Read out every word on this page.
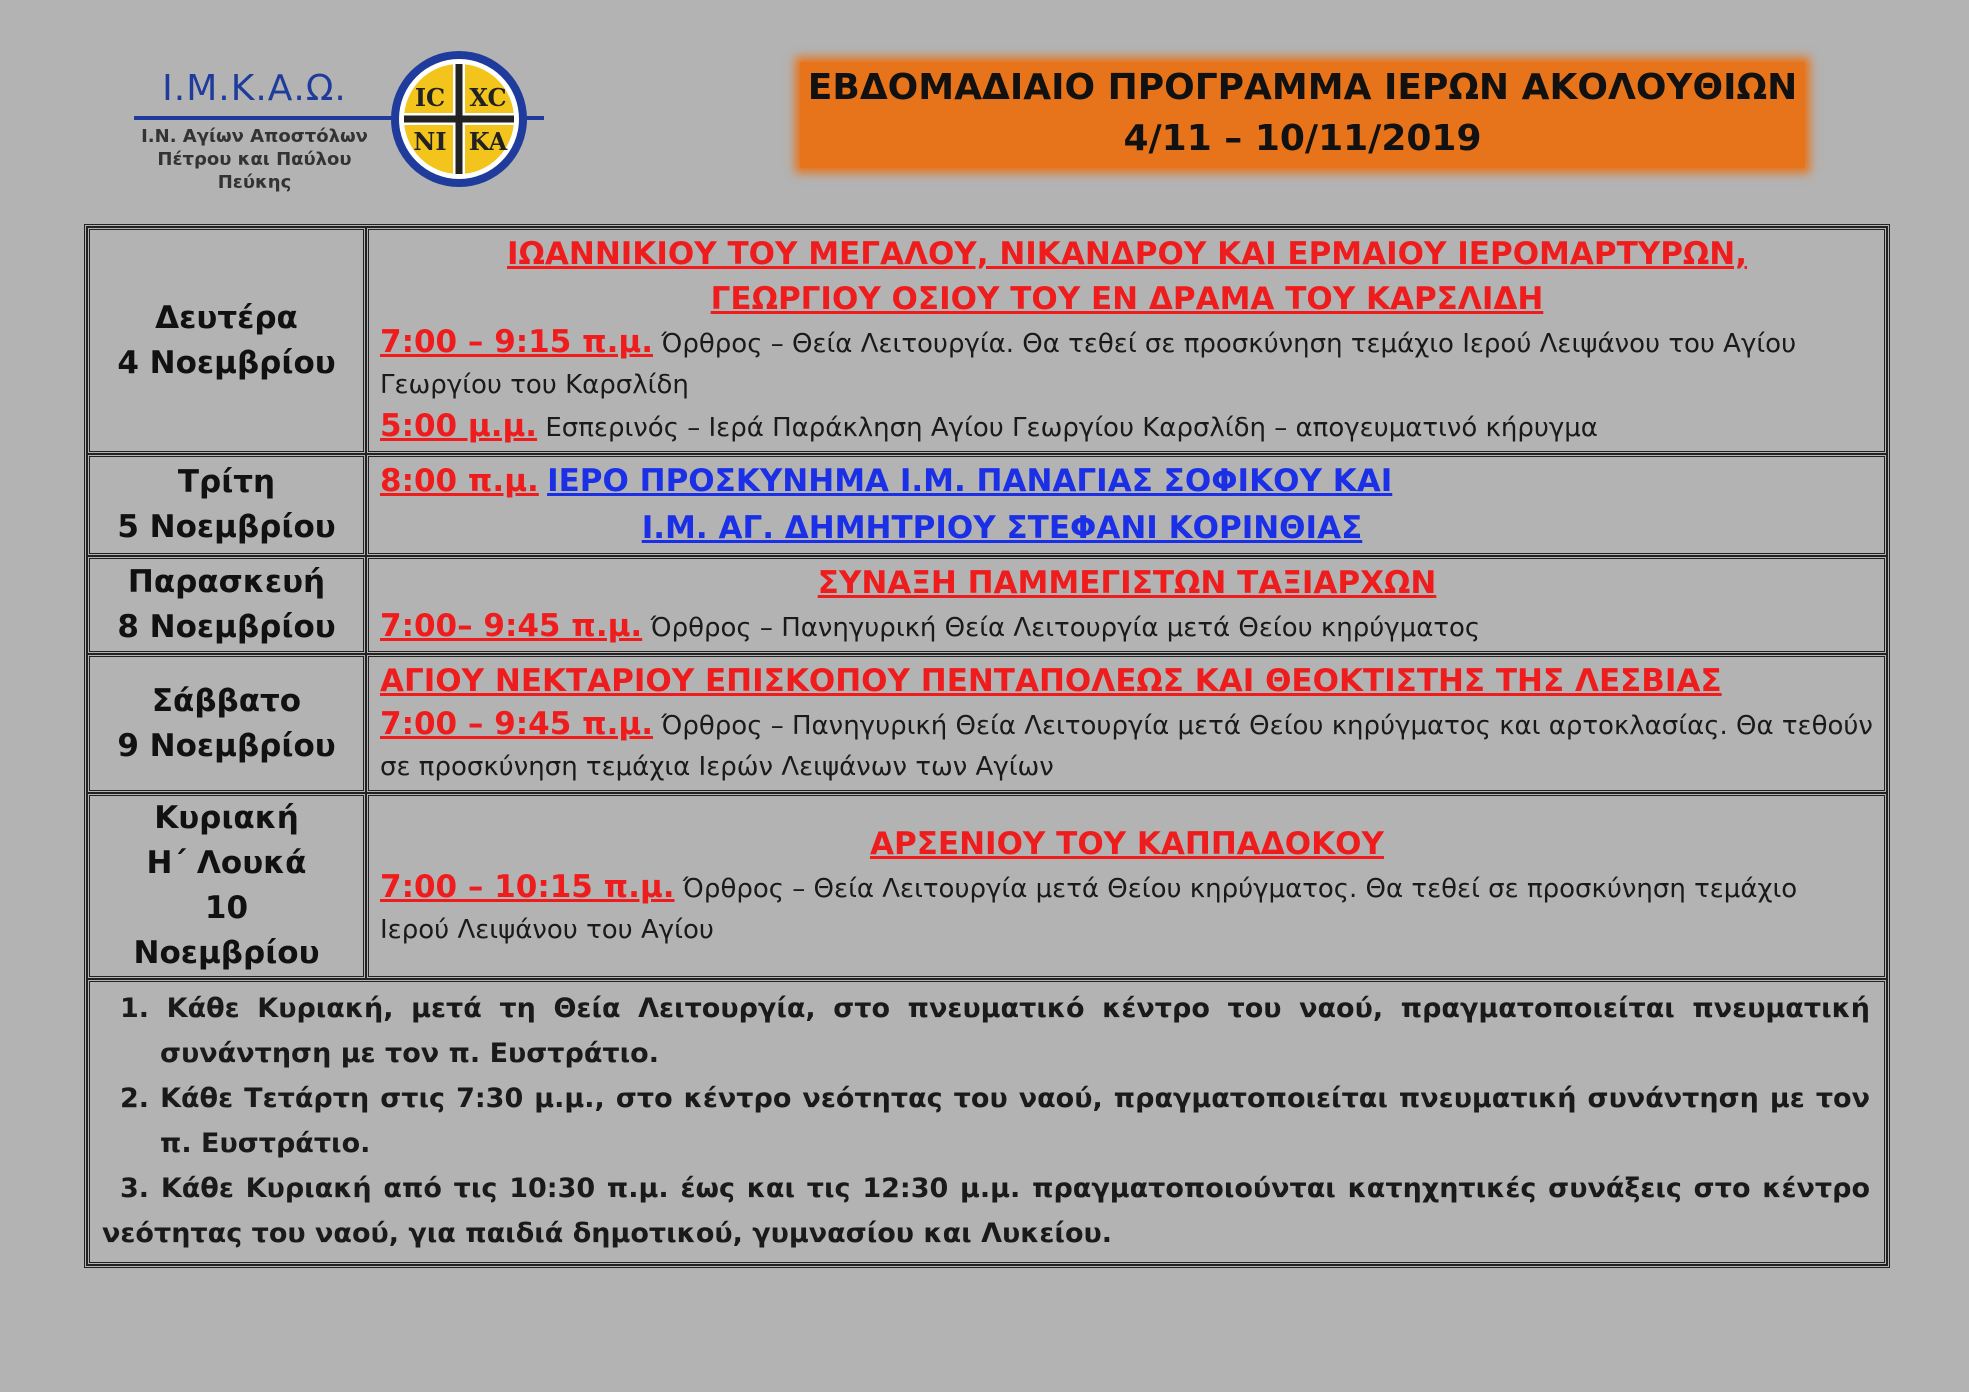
Ι.Μ.Κ.Α.Ω.
Ι.Ν. Αγίων Αποστόλων
Πέτρου και Παύλου
Πεύκης
IC XC
NI KA
ΕΒΔΟΜΑΔΙΑΙΟ ΠΡΟΓΡΑΜΜΑ ΙΕΡΩΝ ΑΚΟΛΟΥΘΙΩΝ
4/11 – 10/11/2019
Δευτέρα
4 Νοεμβρίου	ΙΩΑΝΝΙΚΙΟΥ ΤΟΥ ΜΕΓΑΛΟΥ, ΝΙΚΑΝΔΡΟΥ ΚΑΙ ΕΡΜΑΙΟΥ ΙΕΡΟΜΑΡΤΥΡΩΝ,
ΓΕΩΡΓΙΟΥ ΟΣΙΟΥ ΤΟΥ ΕΝ ΔΡΑΜΑ ΤΟΥ ΚΑΡΣΛΙΔΗ
7:00 – 9:15 π.μ. Όρθρος – Θεία Λειτουργία. Θα τεθεί σε προσκύνηση τεμάχιο Ιερού Λειψάνου του Αγίου Γεωργίου του Καρσλίδη
5:00 μ.μ. Εσπερινός – Ιερά Παράκληση Αγίου Γεωργίου Καρσλίδη – απογευματινό κήρυγμα

Τρίτη
5 Νοεμβρίου	8:00 π.μ. ΙΕΡΟ ΠΡΟΣΚΥΝΗΜΑ Ι.Μ. ΠΑΝΑΓΙΑΣ ΣΟΦΙΚΟΥ ΚΑΙ
Ι.Μ. ΑΓ. ΔΗΜΗΤΡΙΟΥ ΣΤΕΦΑΝΙ ΚΟΡΙΝΘΙΑΣ

Παρασκευή
8 Νοεμβρίου	ΣΥΝΑΞΗ ΠΑΜΜΕΓΙΣΤΩΝ ΤΑΞΙΑΡΧΩΝ
7:00– 9:45 π.μ. Όρθρος – Πανηγυρική Θεία Λειτουργία μετά Θείου κηρύγματος

Σάββατο
9 Νοεμβρίου	ΑΓΙΟΥ ΝΕΚΤΑΡΙΟΥ ΕΠΙΣΚΟΠΟΥ ΠΕΝΤΑΠΟΛΕΩΣ ΚΑΙ ΘΕΟΚΤΙΣΤΗΣ ΤΗΣ ΛΕΣΒΙΑΣ
7:00 – 9:45 π.μ. Όρθρος – Πανηγυρική Θεία Λειτουργία μετά Θείου κηρύγματος και αρτοκλασίας. Θα τεθούν σε προσκύνηση τεμάχια Ιερών Λειψάνων των Αγίων

Κυριακή
Η΄ Λουκά
10
Νοεμβρίου	ΑΡΣΕΝΙΟΥ ΤΟΥ ΚΑΠΠΑΔΟΚΟΥ
7:00 – 10:15 π.μ. Όρθρος – Θεία Λειτουργία μετά Θείου κηρύγματος. Θα τεθεί σε προσκύνηση τεμάχιο Ιερού Λειψάνου του Αγίου

1. Κάθε Κυριακή, μετά τη Θεία Λειτουργία, στο πνευματικό κέντρο του ναού, πραγματοποιείται πνευματική συνάντηση με τον π. Ευστράτιο.
2. Κάθε Τετάρτη στις 7:30 μ.μ., στο κέντρο νεότητας του ναού, πραγματοποιείται πνευματική συνάντηση με τον π. Ευστράτιο.
3. Κάθε Κυριακή από τις 10:30 π.μ. έως και τις 12:30 μ.μ. πραγματοποιούνται κατηχητικές συνάξεις στο κέντρο νεότητας του ναού, για παιδιά δημοτικού, γυμνασίου και Λυκείου.	
